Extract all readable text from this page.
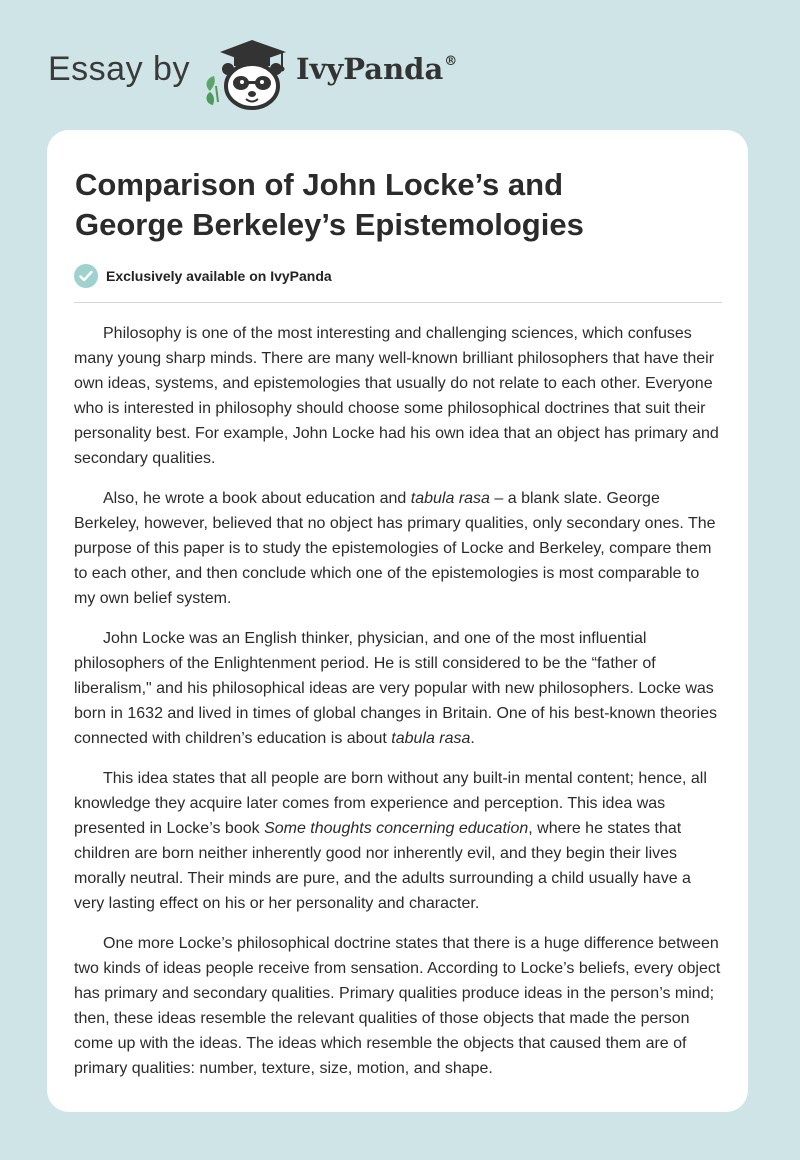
Essay by	IvyPanda®
Comparison of John Locke’s and
George Berkeley’s Epistemologies
Exclusively available on IvyPanda

Philosophy is one of the most interesting and challenging sciences, which confuses many young sharp minds. There are many well-known brilliant philosophers that have their own ideas, systems, and epistemologies that usually do not relate to each other. Everyone who is interested in philosophy should choose some philosophical doctrines that suit their personality best. For example, John Locke had his own idea that an object has primary and secondary qualities.

Also, he wrote a book about education and tabula rasa – a blank slate. George Berkeley, however, believed that no object has primary qualities, only secondary ones. The purpose of this paper is to study the epistemologies of Locke and Berkeley, compare them to each other, and then conclude which one of the epistemologies is most comparable to my own belief system.

John Locke was an English thinker, physician, and one of the most influential philosophers of the Enlightenment period. He is still considered to be the “father of liberalism," and his philosophical ideas are very popular with new philosophers. Locke was born in 1632 and lived in times of global changes in Britain. One of his best-known theories connected with children’s education is about tabula rasa.

This idea states that all people are born without any built-in mental content; hence, all knowledge they acquire later comes from experience and perception. This idea was presented in Locke’s book Some thoughts concerning education, where he states that children are born neither inherently good nor inherently evil, and they begin their lives morally neutral. Their minds are pure, and the adults surrounding a child usually have a very lasting effect on his or her personality and character.

One more Locke’s philosophical doctrine states that there is a huge difference between two kinds of ideas people receive from sensation. According to Locke’s beliefs, every object has primary and secondary qualities. Primary qualities produce ideas in the person’s mind; then, these ideas resemble the relevant qualities of those objects that made the person come up with the ideas. The ideas which resemble the objects that caused them are of primary qualities: number, texture, size, motion, and shape.
